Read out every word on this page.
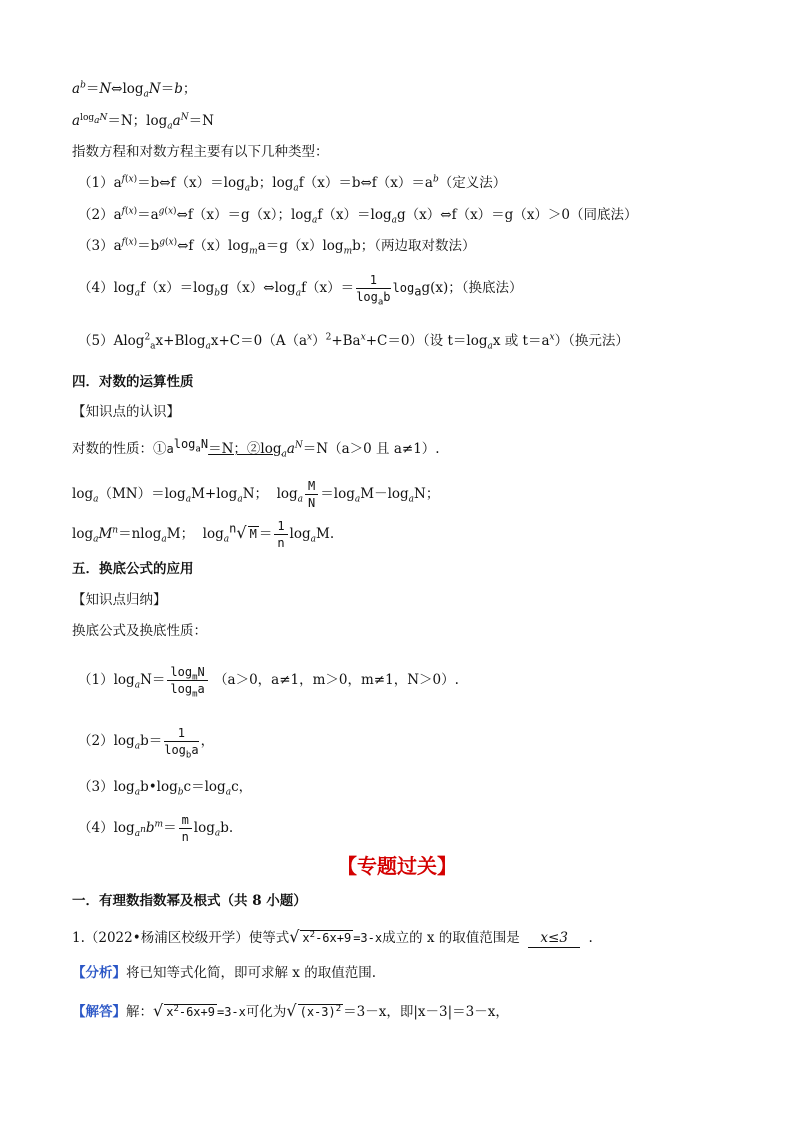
$a^b=N\Leftrightarrow\log_aN=b$；
$a^{log_aN}=N$；$\log_aa^N=N$
指数方程和对数方程主要有以下几种类型：
$(1)a^{f(x)}=b\Leftrightarrow f(x)=\log_ab$；$\log_af(x)=b\Leftrightarrow f(x)=a^b$（定义法）
$(2)a^{f(x)}=a^{g(x)}\Leftrightarrow f(x)=g(x)$；$\log_af(x)=\log_ag(x)\Leftrightarrow f(x)=g(x)>0$（同底法）
$(3)a^{f(x)}=b^{g(x)}\Leftrightarrow f(x)\log_ma=g(x)\log_mb$；（两边取对数法）
$(4)\log_af(x)=\log_bg(x)\Leftrightarrow\log_af(x)= \frac{1}{\log_ab} \log_ag(x)$；（换底法）
$(5)Alog^2_ax+Blog_ax+C=0(A(a^x)^2+Ba^x+C=0)$（设 $t=\log_ax$ 或 $t=a^x$）（换元法）
四．对数的运算性质
【知识点的认识】
对数的性质：$①a^{log_aN}=N$；$②\log_aa^N=N(a>0$ 且 a≠1）.
$\log_a(MN)=\log_aM+\log_aN$；  $\log_a \frac{M}{N} =\log_aM-\log_aN$；
$\log_aM^n=nlog_aM$；  $\log_a^n√$ $M = \frac{1}{n} \log_aM$.
五．换底公式的应用
【知识点归纳】
换底公式及换底性质：
$(1)\log_aN= \frac{\log_mN}{\log_ma} (a>0$，a≠1，m＞0，m≠1，N＞0）.
$(2)\log_ab= \frac{1}{\log_ba}$ ，
$(3)\log_ab•\log_bc=\log_ac$，
$(4)\log_{a^n}b^m= \frac{m}{n} \log_ab$.
【专题过关】
一．有理数指数幂及根式（共 8 小题）
1.（2022•杨浦区校级开学）使等式√ $x^2-6x+9 =3-x$成立的 x 的取值范围是 x≤3 .
【分析】将已知等式化简，即可求解 x 的取值范围.
【解答】解：√ $x^2-6x+9 =3-x$可化为√ $(x-3)^2 =3-x$，即|x－3|＝3－x，
